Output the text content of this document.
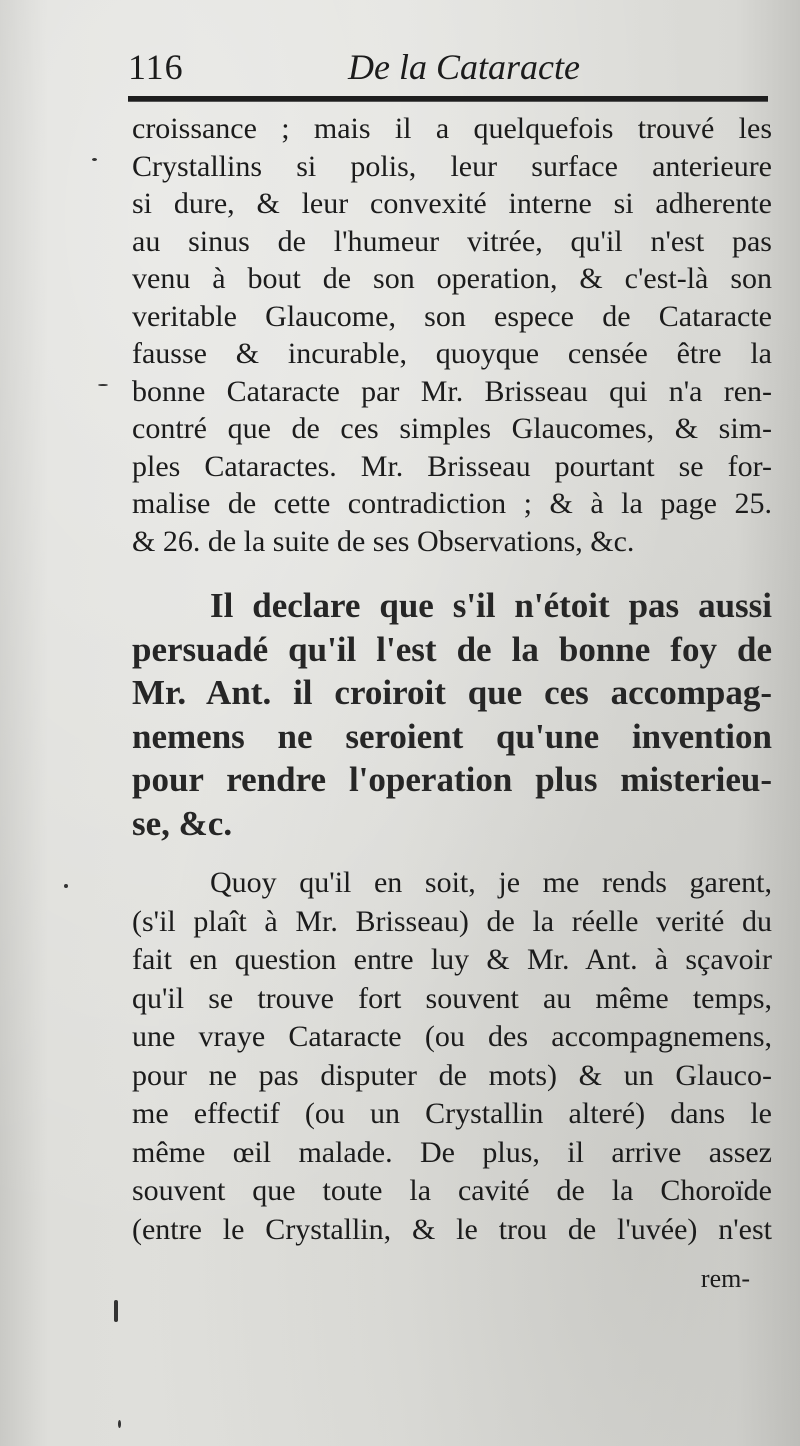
116	De la Cataracte
croissance ; mais il a quelquefois trouvé les
Crystallins si polis, leur surface anterieure
si dure, & leur convexité interne si adherente
au sinus de l'humeur vitrée, qu'il n'est pas
venu à bout de son operation, & c'est-là son
veritable Glaucome, son espece de Cataracte
fausse & incurable, quoyque censée être la
bonne Cataracte par Mr. Brisseau qui n'a ren-
contré que de ces simples Glaucomes, & sim-
ples Cataractes. Mr. Brisseau pourtant se for-
malise de cette contradiction ; & à la page 25.
& 26. de la suite de ses Observations, &c.
Il declare que s'il n'étoit pas aussi
persuadé qu'il l'est de la bonne foy de
Mr. Ant. il croiroit que ces accompag-
nemens ne seroient qu'une invention
pour rendre l'operation plus misterieu-
se, &c.
Quoy qu'il en soit, je me rends garent,
(s'il plaît à Mr. Brisseau) de la réelle verité du
fait en question entre luy & Mr. Ant. à sçavoir
qu'il se trouve fort souvent au même temps,
une vraye Cataracte (ou des accompagnemens,
pour ne pas disputer de mots) & un Glauco-
me effectif (ou un Crystallin alteré) dans le
même œil malade. De plus, il arrive assez
souvent que toute la cavité de la Choroïde
(entre le Crystallin, & le trou de l'uvée) n'est
rem-
